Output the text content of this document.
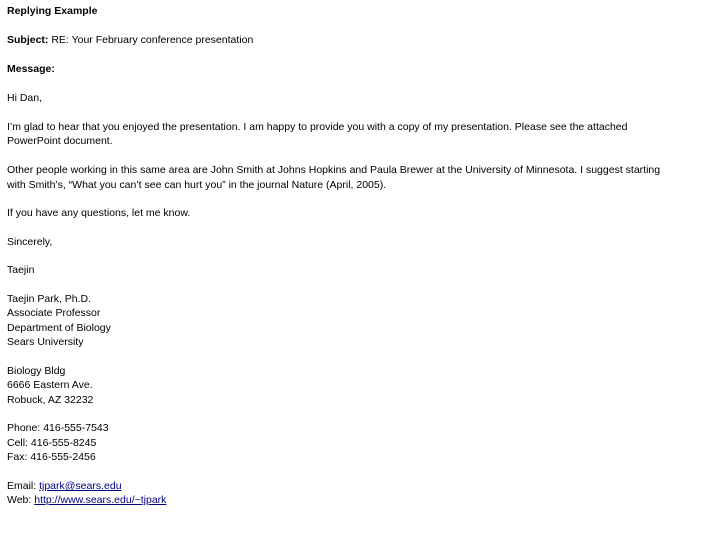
Replying Example
Subject: RE: Your February conference presentation
Message:
Hi Dan,
I’m glad to hear that you enjoyed the presentation. I am happy to provide you with a copy of my presentation. Please see the attached
PowerPoint document.
Other people working in this same area are John Smith at Johns Hopkins and Paula Brewer at the University of Minnesota. I suggest starting
with Smith’s, “What you can’t see can hurt you” in the journal Nature (April, 2005).
If you have any questions, let me know.
Sincerely,
Taejin
Taejin Park, Ph.D.
Associate Professor
Department of Biology
Sears University
Biology Bldg
6666 Eastern Ave.
Robuck, AZ 32232
Phone: 416-555-7543
Cell: 416-555-8245
Fax: 416-555-2456
Email: tjpark@sears.edu
Web: http://www.sears.edu/~tjpark
